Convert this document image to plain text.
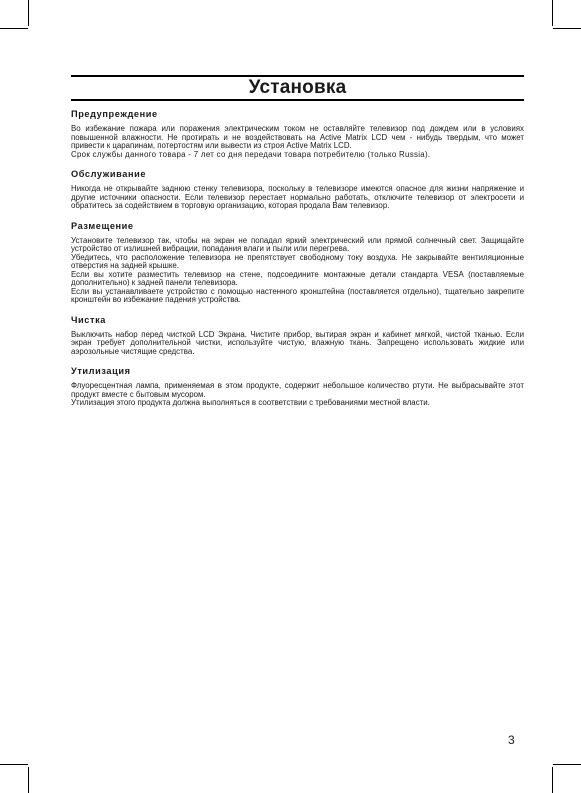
Установка
Предупреждение

Во избежание пожара или поражения электрическим током не оставляйте телевизор под дождем или в условиях повышенной влажности. Не протирать и не воздействовать на Active Matrix LCD чем - нибудь твердым, что может привести к царапинам, потертостям или вывести из строя Active Matrix LCD.

Срок службы данного товара - 7 лет со дня передачи товара потребителю (только Russia).

Обслуживание

Никогда не открывайте заднюю стенку телевизора, поскольку в телевизоре имеются опасное для жизни напряжение и другие источники опасности. Если телевизор перестает нормально работать, отключите телевизор от электросети и обратитесь за содействием в торговую организацию, которая продала Вам телевизор.

Размещение

Установите телевизор так, чтобы на экран не попадал яркий электрический или прямой солнечный свет. Защищайте устройство от излишней вибрации, попадания влаги и пыли или перегрева.

Убедитесь, что расположение телевизора не препятствует свободному току воздуха. Не закрывайте вентиляционные отверстия на задней крышке.

Если вы хотите разместить телевизор на стене, подсоедините монтажные детали стандарта VESA (поставляемые дополнительно) к задней панели телевизора.

Если вы устанавливаете устройство с помощью настенного кронштейна (поставляется отдельно), тщательно закрепите кронштейн во избежание падения устройства.

Чистка

Выключить набор перед чисткой LCD Экрана. Чистите прибор, вытирая экран и кабинет мягкой, чистой тканью. Если экран требует дополнительной чистки, используйте чистую, влажную ткань. Запрещено использовать жидкие или аэрозольные чистящие средства.

Утилизация

Флуоресцентная лампа, применяемая в этом продукте, содержит небольшое количество ртути. Не выбрасывайте этот продукт вместе с бытовым мусором.

Утилизация этого продукта должна выполняться в соответствии с требованиями местной власти.

3
